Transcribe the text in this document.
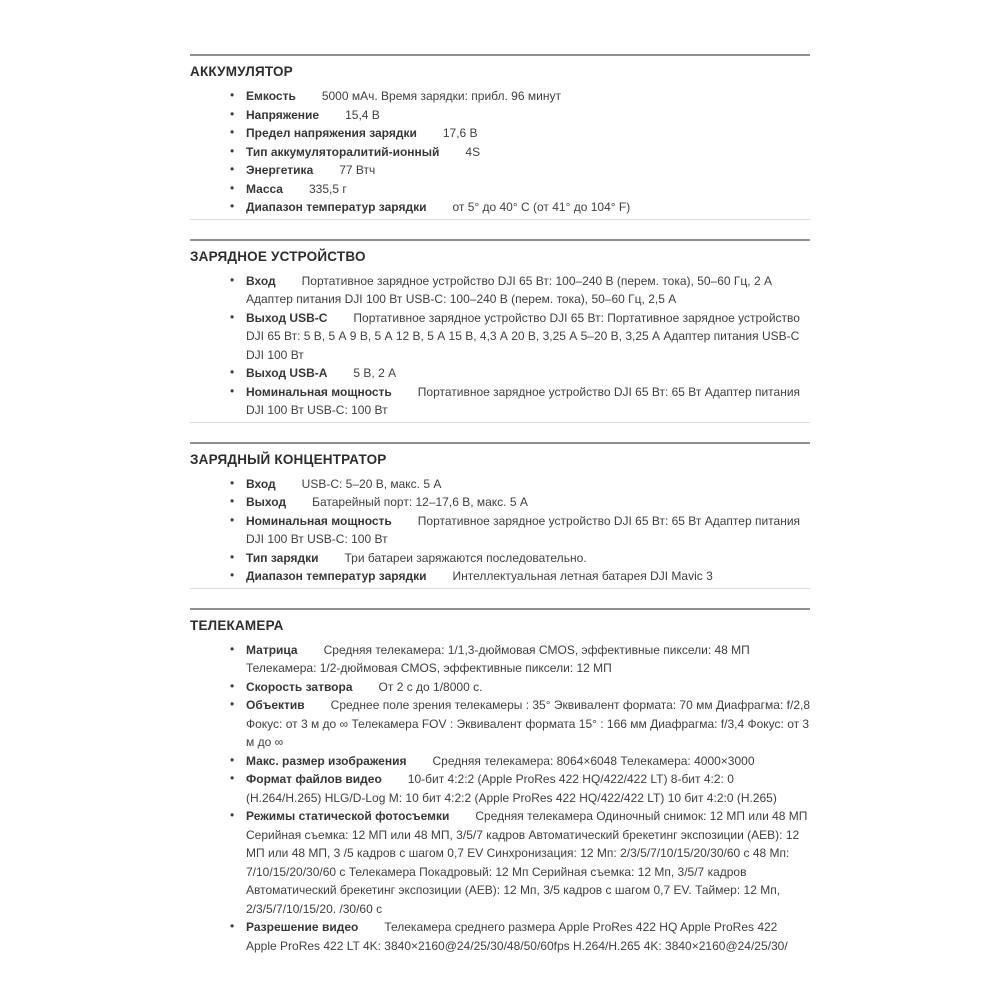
АККУМУЛЯТОР
• Емкость 5000 мАч. Время зарядки: прибл. 96 минут
• Напряжение 15,4 В
• Предел напряжения зарядки 17,6 В
• Тип аккумуляторалитий-ионный 4S
• Энергетика 77 Втч
• Масса 335,5 г
• Диапазон температур зарядки от 5° до 40° C (от 41° до 104° F)
ЗАРЯДНОЕ УСТРОЙСТВО
• Вход Портативное зарядное устройство DJI 65 Вт: 100–240 В (перем. тока), 50–60 Гц, 2 А Адаптер питания DJI 100 Вт USB-C: 100–240 В (перем. тока), 50–60 Гц, 2,5 А
• Выход USB-C Портативное зарядное устройство DJI 65 Вт: Портативное зарядное устройство DJI 65 Вт: 5 В, 5 А 9 В, 5 А 12 В, 5 А 15 В, 4,3 А 20 В, 3,25 А 5–20 В, 3,25 А Адаптер питания USB-C DJI 100 Вт
• Выход USB-A 5 В, 2 А
• Номинальная мощность Портативное зарядное устройство DJI 65 Вт: 65 Вт Адаптер питания DJI 100 Вт USB-C: 100 Вт
ЗАРЯДНЫЙ КОНЦЕНТРАТОР
• Вход USB-C: 5–20 В, макс. 5 А
• Выход Батарейный порт: 12–17,6 В, макс. 5 А
• Номинальная мощность Портативное зарядное устройство DJI 65 Вт: 65 Вт Адаптер питания DJI 100 Вт USB-C: 100 Вт
• Тип зарядки Три батареи заряжаются последовательно.
• Диапазон температур зарядки Интеллектуальная летная батарея DJI Mavic 3
ТЕЛЕКАМЕРА
• Матрица Средняя телекамера: 1/1,3-дюймовая CMOS, эффективные пиксели: 48 МП Телекамера: 1/2-дюймовая CMOS, эффективные пиксели: 12 МП
• Скорость затвора От 2 с до 1/8000 с.
• Объектив Среднее поле зрения телекамеры : 35° Эквивалент формата: 70 мм Диафрагма: f/2,8 Фокус: от 3 м до ∞ Телекамера FOV : Эквивалент формата 15° : 166 мм Диафрагма: f/3,4 Фокус: от 3 м до ∞
• Макс. размер изображения Средняя телекамера: 8064×6048 Телекамера: 4000×3000
• Формат файлов видео 10-бит 4:2:2 (Apple ProRes 422 HQ/422/422 LT) 8-бит 4:2: 0 (H.264/H.265) HLG/D-Log M: 10 бит 4:2:2 (Apple ProRes 422 HQ/422/422 LT) 10 бит 4:2:0 (H.265)
• Режимы статической фотосъемки Средняя телекамера Одиночный снимок: 12 МП или 48 МП Серийная съемка: 12 МП или 48 МП, 3/5/7 кадров Автоматический брекетинг экспозиции (AEB): 12 МП или 48 МП, 3 /5 кадров с шагом 0,7 EV Синхронизация: 12 Мп: 2/3/5/7/10/15/20/30/60 с 48 Мп: 7/10/15/20/30/60 с Телекамера Покадровый: 12 Мп Серийная съемка: 12 Мп, 3/5/7 кадров Автоматический брекетинг экспозиции (AEB): 12 Мп, 3/5 кадров с шагом 0,7 EV. Таймер: 12 Мп, 2/3/5/7/10/15/20. /30/60 с
• Разрешение видео Телекамера среднего размера Apple ProRes 422 HQ Apple ProRes 422 Apple ProRes 422 LT 4K: 3840×2160@24/25/30/48/50/60fps H.264/H.265 4K: 3840×2160@24/25/30/
